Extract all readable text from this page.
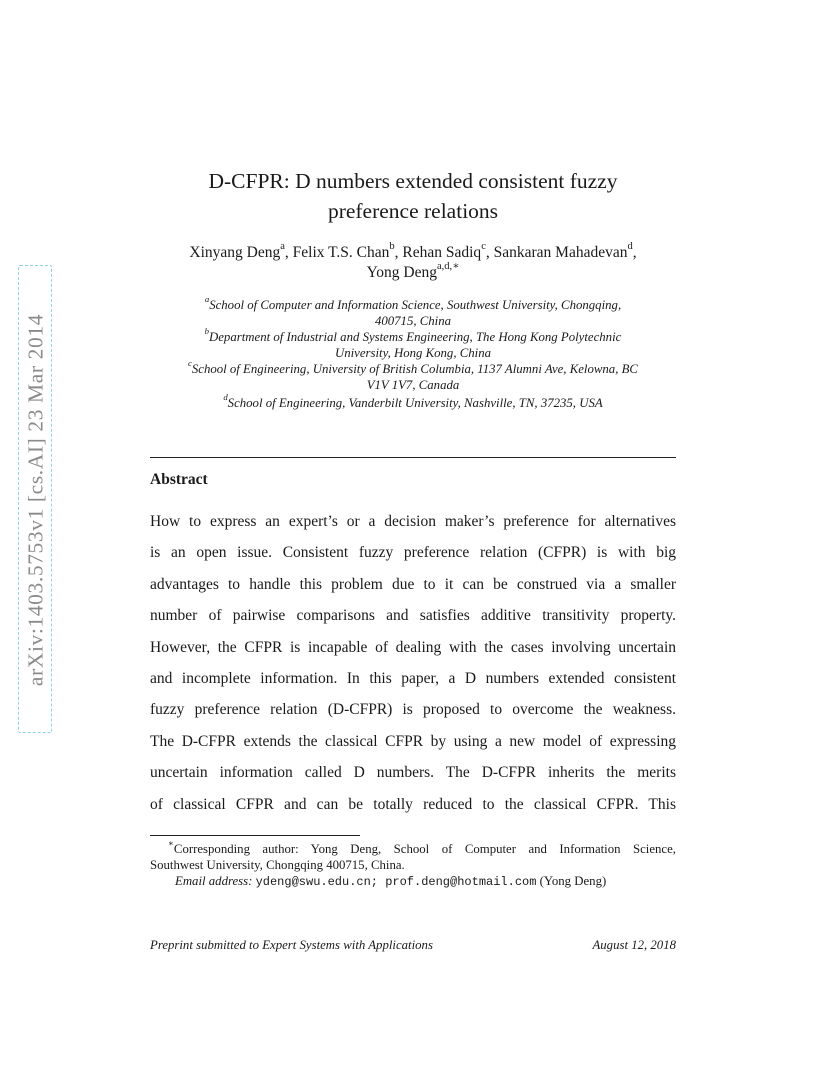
arXiv:1403.5753v1 [cs.AI] 23 Mar 2014
D-CFPR: D numbers extended consistent fuzzy
preference relations
Xinyang Deng$^a$, Felix T.S. Chan$^b$, Rehan Sadiq$^c$, Sankaran Mahadevan$^d$,
Yong Deng$^{a,d,∗}$
$^a$School of Computer and Information Science, Southwest University, Chongqing,
400715, China
$^b$Department of Industrial and Systems Engineering, The Hong Kong Polytechnic
University, Hong Kong, China
$^c$School of Engineering, University of British Columbia, 1137 Alumni Ave, Kelowna, BC
V1V 1V7, Canada
$^d$School of Engineering, Vanderbilt University, Nashville, TN, 37235, USA
Abstract
How to express an expert’s or a decision maker’s preference for alternatives
is an open issue. Consistent fuzzy preference relation (CFPR) is with big
advantages to handle this problem due to it can be construed via a smaller
number of pairwise comparisons and satisfies additive transitivity property.
However, the CFPR is incapable of dealing with the cases involving uncertain
and incomplete information. In this paper, a D numbers extended consistent
fuzzy preference relation (D-CFPR) is proposed to overcome the weakness.
The D-CFPR extends the classical CFPR by using a new model of expressing
uncertain information called D numbers. The D-CFPR inherits the merits
of classical CFPR and can be totally reduced to the classical CFPR. This
∗Corresponding author: Yong Deng, School of Computer and Information Science,
Southwest University, Chongqing 400715, China.
Email address: ydeng@swu.edu.cn; prof.deng@hotmail.com (Yong Deng)
Preprint submitted to Expert Systems with Applications	August 12, 2018
